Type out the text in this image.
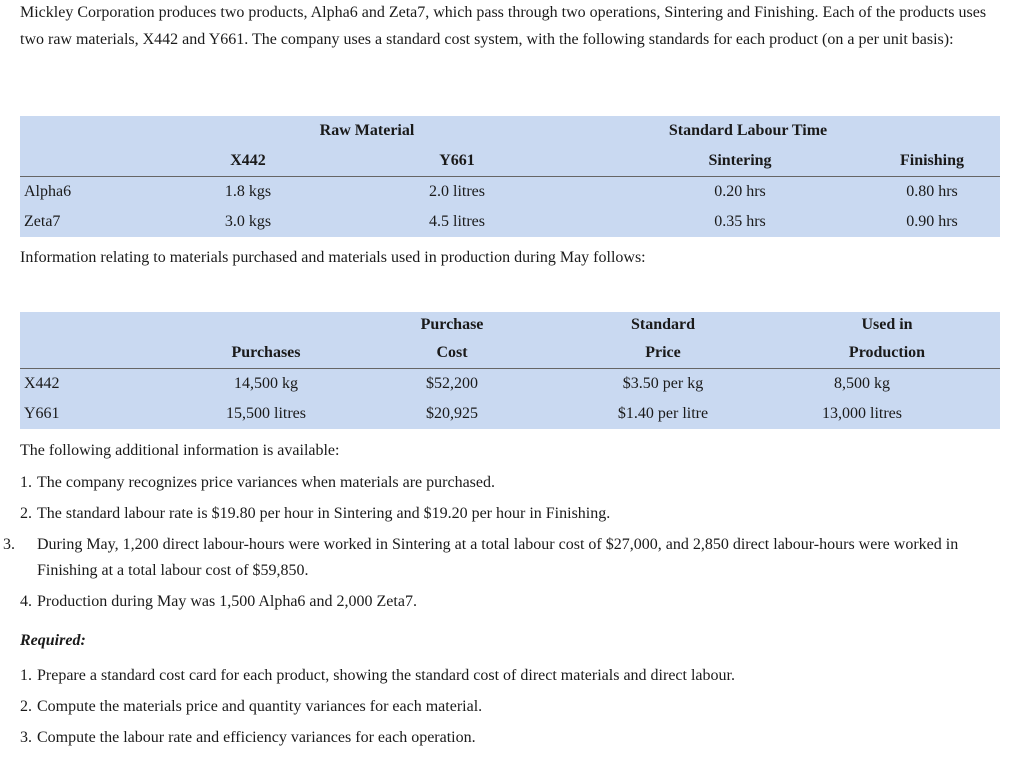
Mickley Corporation produces two products, Alpha6 and Zeta7, which pass through two operations, Sintering and Finishing. Each of the products uses two raw materials, X442 and Y661. The company uses a standard cost system, with the following standards for each product (on a per unit basis):

	Raw Material		Standard Labour Time	
	X442	Y661	Sintering	Finishing
Alpha6	1.8 kgs	2.0 litres	0.20 hrs	0.80 hrs
Zeta7	3.0 kgs	4.5 litres	0.35 hrs	0.90 hrs

Information relating to materials purchased and materials used in production during May follows:

		Purchase	Standard	Used in
	Purchases	Cost	Price	Production
X442	14,500 kg	$52,200	$3.50 per kg	8,500 kg
Y661	15,500 litres	$20,925	$1.40 per litre	13,000 litres

The following additional information is available:

1. The company recognizes price variances when materials are purchased.
2. The standard labour rate is $19.80 per hour in Sintering and $19.20 per hour in Finishing.
3. During May, 1,200 direct labour-hours were worked in Sintering at a total labour cost of $27,000, and 2,850 direct labour-hours were worked in Finishing at a total labour cost of $59,850.
4. Production during May was 1,500 Alpha6 and 2,000 Zeta7.

Required:

1. Prepare a standard cost card for each product, showing the standard cost of direct materials and direct labour.
2. Compute the materials price and quantity variances for each material.
3. Compute the labour rate and efficiency variances for each operation.
